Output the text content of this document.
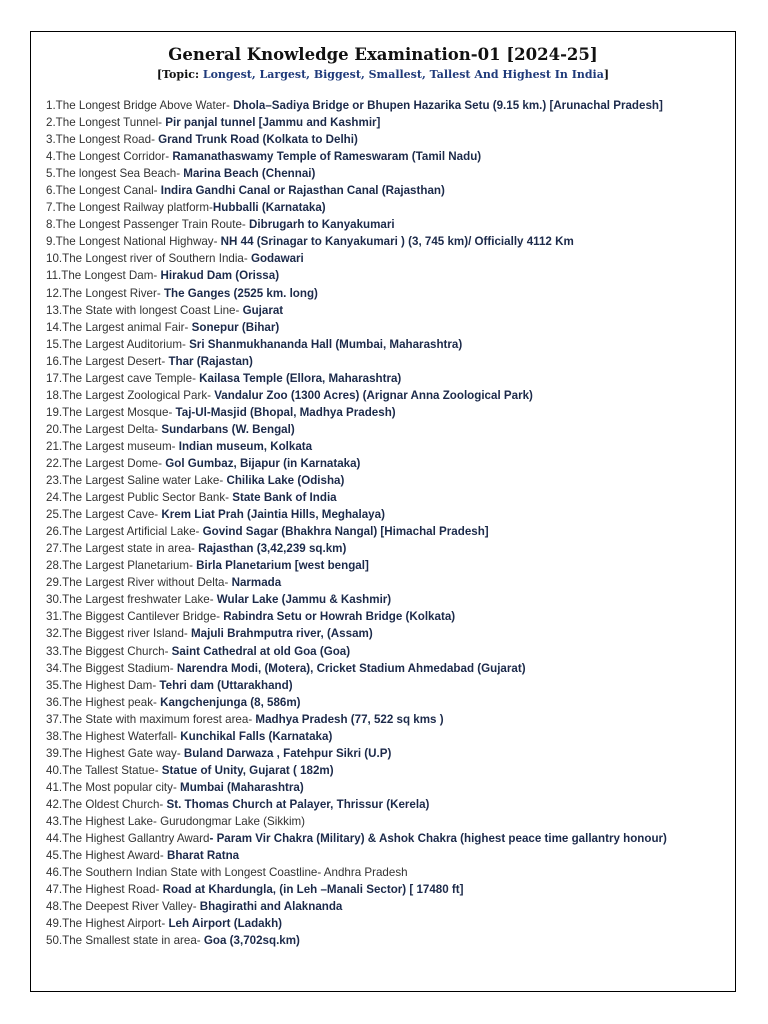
General Knowledge Examination-01 [2024-25]
[Topic: Longest, Largest, Biggest, Smallest, Tallest And Highest In India]
1.The Longest Bridge Above Water- Dhola–Sadiya Bridge or Bhupen Hazarika Setu (9.15 km.) [Arunachal Pradesh]
2.The Longest Tunnel- Pir panjal tunnel [Jammu and Kashmir]
3.The Longest Road- Grand Trunk Road (Kolkata to Delhi)
4.The Longest Corridor- Ramanathaswamy Temple of Rameswaram (Tamil Nadu)
5.The longest Sea Beach- Marina Beach (Chennai)
6.The Longest Canal- Indira Gandhi Canal or Rajasthan Canal (Rajasthan)
7.The Longest Railway platform-Hubballi (Karnataka)
8.The Longest Passenger Train Route- Dibrugarh to Kanyakumari
9.The Longest National Highway- NH 44 (Srinagar to Kanyakumari ) (3, 745 km)/ Officially 4112 Km
10.The Longest river of Southern India- Godawari
11.The Longest Dam- Hirakud Dam (Orissa)
12.The Longest River- The Ganges (2525 km. long)
13.The State with longest Coast Line- Gujarat
14.The Largest animal Fair- Sonepur (Bihar)
15.The Largest Auditorium- Sri Shanmukhananda Hall (Mumbai, Maharashtra)
16.The Largest Desert- Thar (Rajastan)
17.The Largest cave Temple- Kailasa Temple (Ellora, Maharashtra)
18.The Largest Zoological Park- Vandalur Zoo (1300 Acres) (Arignar Anna Zoological Park)
19.The Largest Mosque- Taj-Ul-Masjid (Bhopal, Madhya Pradesh)
20.The Largest Delta- Sundarbans (W. Bengal)
21.The Largest museum- Indian museum, Kolkata
22.The Largest Dome- Gol Gumbaz, Bijapur (in Karnataka)
23.The Largest Saline water Lake- Chilika Lake (Odisha)
24.The Largest Public Sector Bank- State Bank of India
25.The Largest Cave- Krem Liat Prah (Jaintia Hills, Meghalaya)
26.The Largest Artificial Lake- Govind Sagar (Bhakhra Nangal) [Himachal Pradesh]
27.The Largest state in area- Rajasthan (3,42,239 sq.km)
28.The Largest Planetarium- Birla Planetarium [west bengal]
29.The Largest River without Delta- Narmada
30.The Largest freshwater Lake- Wular Lake (Jammu & Kashmir)
31.The Biggest Cantilever Bridge- Rabindra Setu or Howrah Bridge (Kolkata)
32.The Biggest river Island- Majuli Brahmputra river, (Assam)
33.The Biggest Church- Saint Cathedral at old Goa (Goa)
34.The Biggest Stadium- Narendra Modi, (Motera), Cricket Stadium Ahmedabad (Gujarat)
35.The Highest Dam- Tehri dam (Uttarakhand)
36.The Highest peak- Kangchenjunga (8, 586m)
37.The State with maximum forest area- Madhya Pradesh (77, 522 sq kms )
38.The Highest Waterfall- Kunchikal Falls (Karnataka)
39.The Highest Gate way- Buland Darwaza , Fatehpur Sikri (U.P)
40.The Tallest Statue- Statue of Unity, Gujarat ( 182m)
41.The Most popular city- Mumbai (Maharashtra)
42.The Oldest Church- St. Thomas Church at Palayer, Thrissur (Kerela)
43.The Highest Lake- Gurudongmar Lake (Sikkim)
44.The Highest Gallantry Award- Param Vir Chakra (Military) & Ashok Chakra (highest peace time gallantry honour)
45.The Highest Award- Bharat Ratna
46.The Southern Indian State with Longest Coastline- Andhra Pradesh
47.The Highest Road- Road at Khardungla, (in Leh –Manali Sector) [ 17480 ft]
48.The Deepest River Valley- Bhagirathi and Alaknanda
49.The Highest Airport- Leh Airport (Ladakh)
50.The Smallest state in area- Goa (3,702sq.km)
